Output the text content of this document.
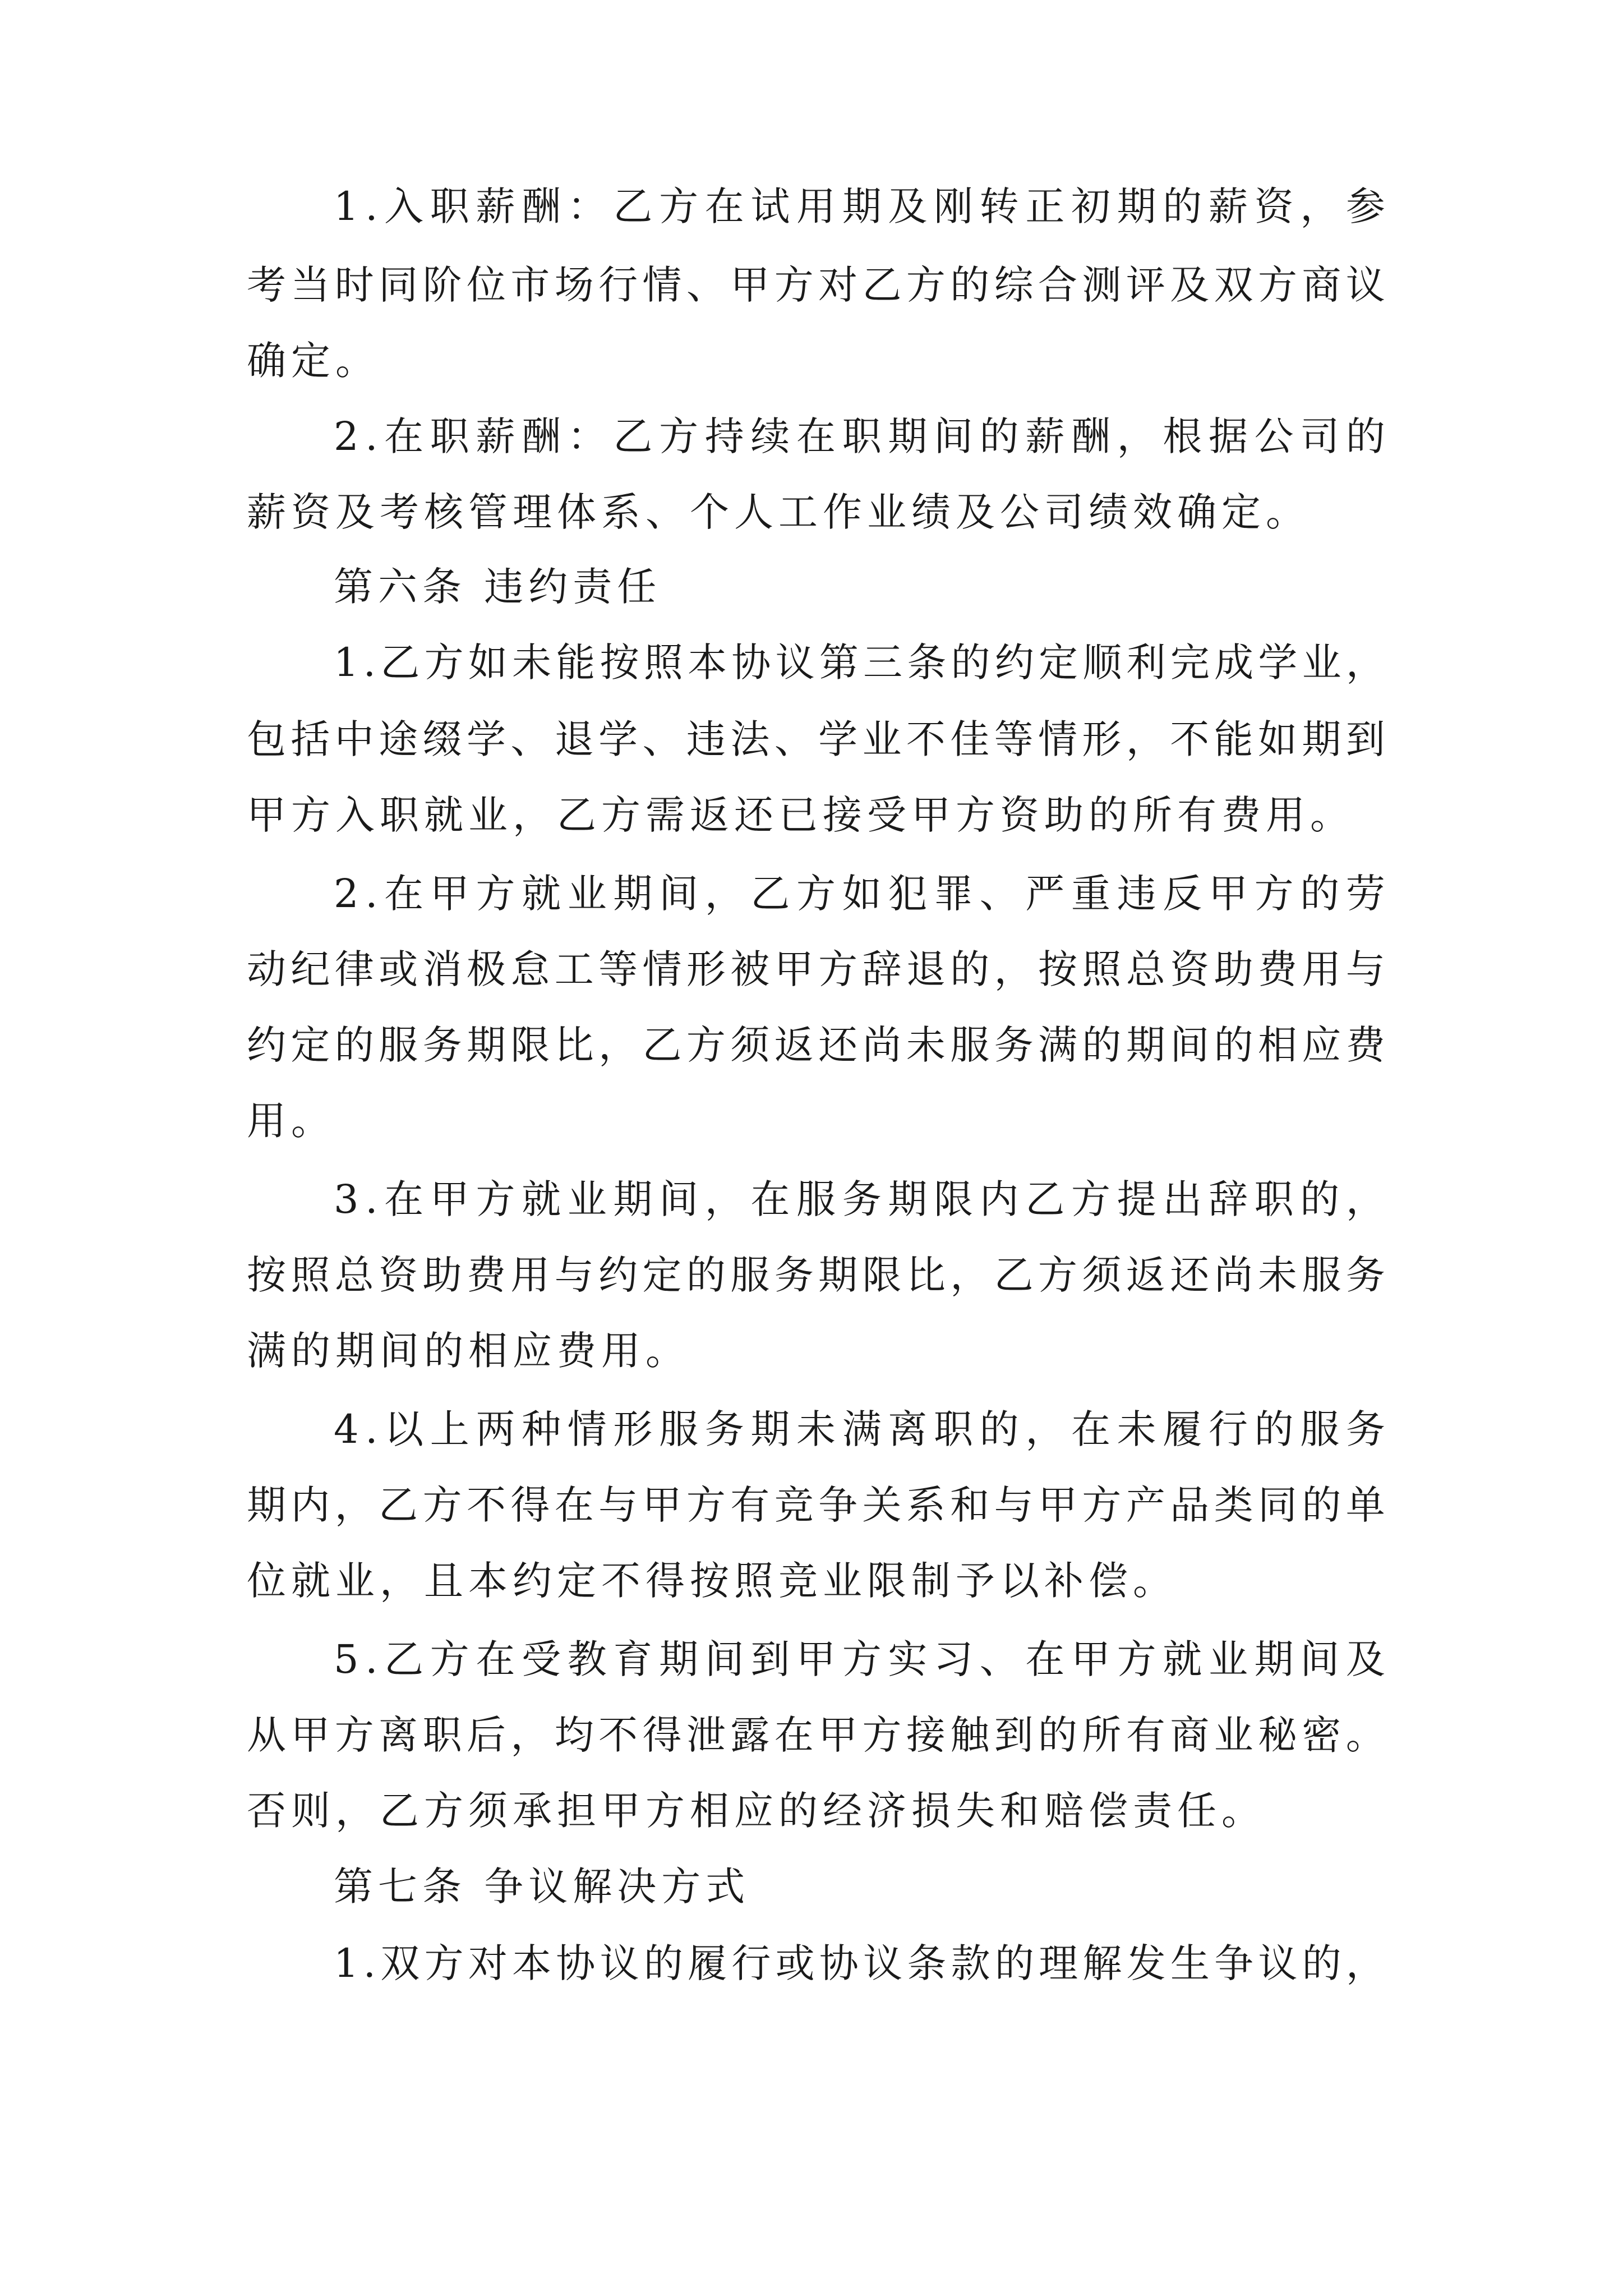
1 . 入 职 薪 酬 ： 乙 方 在 试 用 期 及 刚 转 正 初 期 的 薪 资 ， 参
考 当 时 同 阶 位 市 场 行 情 、 甲 方 对 乙 方 的 综 合 测 评 及 双 方 商 议
确定。
2 . 在 职 薪 酬 ： 乙 方 持 续 在 职 期 间 的 薪 酬 ， 根 据 公 司 的
薪资及考核管理体系、个人工作业绩及公司绩效确定。
第六条 违约责任
1 . 乙 方 如 未 能 按 照 本 协 议 第 三 条 的 约 定 顺 利 完 成 学 业 ，
包 括 中 途 缀 学 、 退 学 、 违 法 、 学 业 不 佳 等 情 形 ， 不 能 如 期 到
甲方入职就业，乙方需返还已接受甲方资助的所有费用。
2 . 在 甲 方 就 业 期 间 ， 乙 方 如 犯 罪 、 严 重 违 反 甲 方 的 劳
动 纪 律 或 消 极 怠 工 等 情 形 被 甲 方 辞 退 的 ， 按 照 总 资 助 费 用 与
约 定 的 服 务 期 限 比 ， 乙 方 须 返 还 尚 未 服 务 满 的 期 间 的 相 应 费
用。
3 . 在 甲 方 就 业 期 间 ， 在 服 务 期 限 内 乙 方 提 出 辞 职 的 ，
按 照 总 资 助 费 用 与 约 定 的 服 务 期 限 比 ， 乙 方 须 返 还 尚 未 服 务
满的期间的相应费用。
4 . 以 上 两 种 情 形 服 务 期 未 满 离 职 的 ， 在 未 履 行 的 服 务
期 内 ， 乙 方 不 得 在 与 甲 方 有 竞 争 关 系 和 与 甲 方 产 品 类 同 的 单
位就业，且本约定不得按照竞业限制予以补偿。
5 . 乙 方 在 受 教 育 期 间 到 甲 方 实 习 、 在 甲 方 就 业 期 间 及
从 甲 方 离 职 后 ， 均 不 得 泄 露 在 甲 方 接 触 到 的 所 有 商 业 秘 密 。
否则，乙方须承担甲方相应的经济损失和赔偿责任。
第七条 争议解决方式
1 . 双 方 对 本 协 议 的 履 行 或 协 议 条 款 的 理 解 发 生 争 议 的 ，
